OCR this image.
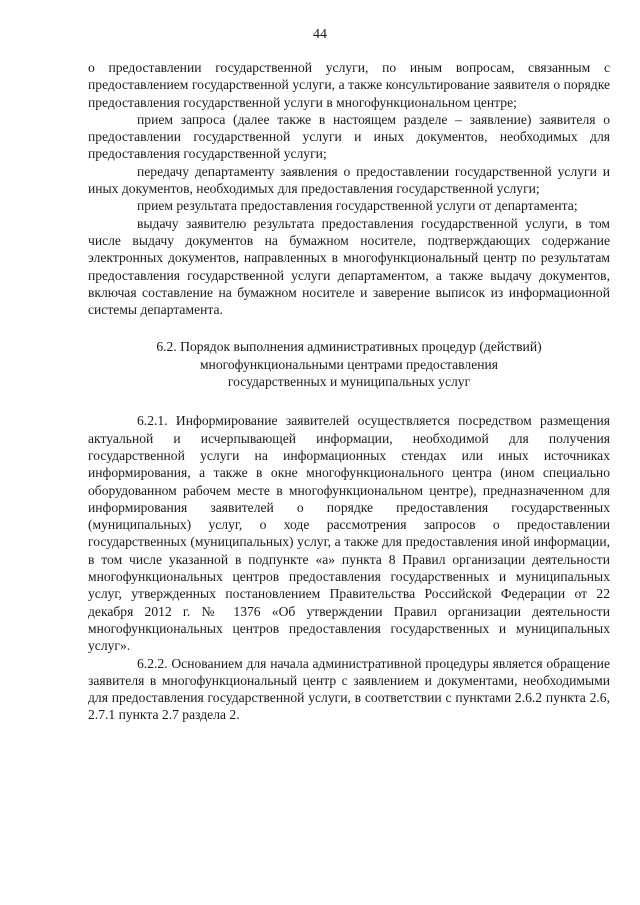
44

о предоставлении государственной услуги, по иным вопросам, связанным с предоставлением государственной услуги, а также консультирование заявителя о порядке предоставления государственной услуги в многофункциональном центре;

прием запроса (далее также в настоящем разделе – заявление) заявителя о предоставлении государственной услуги и иных документов, необходимых для предоставления государственной услуги;

передачу департаменту заявления о предоставлении государственной услуги и иных документов, необходимых для предоставления государственной услуги;

прием результата предоставления государственной услуги от департамента;

выдачу заявителю результата предоставления государственной услуги, в том числе выдачу документов на бумажном носителе, подтверждающих содержание электронных документов, направленных в многофункциональный центр по результатам предоставления государственной услуги департаментом, а также выдачу документов, включая составление на бумажном носителе и заверение выписок из информационной системы департамента.

6.2. Порядок выполнения административных процедур (действий)
многофункциональными центрами предоставления
государственных и муниципальных услуг

6.2.1. Информирование заявителей осуществляется посредством размещения актуальной и исчерпывающей информации, необходимой для получения государственной услуги на информационных стендах или иных источниках информирования, а также в окне многофункционального центра (ином специально оборудованном рабочем месте в многофункциональном центре), предназначенном для информирования заявителей о порядке предоставления государственных (муниципальных) услуг, о ходе рассмотрения запросов о предоставлении государственных (муниципальных) услуг, а также для предоставления иной информации, в том числе указанной в подпункте «а» пункта 8 Правил организации деятельности многофункциональных центров предоставления государственных и муниципальных услуг, утвержденных постановлением Правительства Российской Федерации от 22 декабря 2012 г. № 1376 «Об утверждении Правил организации деятельности многофункциональных центров предоставления государственных и муниципальных услуг».

6.2.2. Основанием для начала административной процедуры является обращение заявителя в многофункциональный центр с заявлением и документами, необходимыми для предоставления государственной услуги, в соответствии с пунктами 2.6.2 пункта 2.6, 2.7.1 пункта 2.7 раздела 2.
